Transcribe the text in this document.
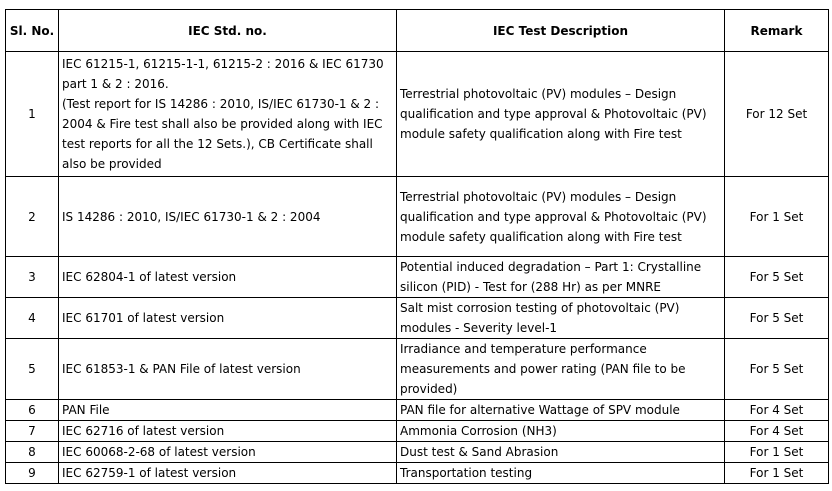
Sl. No.	IEC Std. no.	IEC Test Description	Remark
1	IEC 61215-1, 61215-1-1, 61215-2 : 2016 & IEC 61730 part 1 & 2 : 2016.
(Test report for IS 14286 : 2010, IS/IEC 61730-1 & 2 : 2004 & Fire test shall also be provided along with IEC test reports for all the 12 Sets.), CB Certificate shall also be provided	Terrestrial photovoltaic (PV) modules – Design qualification and type approval & Photovoltaic (PV) module safety qualification along with Fire test	For 12 Set
2	IS 14286 : 2010, IS/IEC 61730-1 & 2 : 2004	Terrestrial photovoltaic (PV) modules – Design qualification and type approval & Photovoltaic (PV) module safety qualification along with Fire test	For 1 Set
3	IEC 62804-1 of latest version	Potential induced degradation – Part 1: Crystalline silicon (PID) - Test for (288 Hr) as per MNRE	For 5 Set
4	IEC 61701 of latest version	Salt mist corrosion testing of photovoltaic (PV) modules - Severity level-1	For 5 Set
5	IEC 61853-1 & PAN File of latest version	Irradiance and temperature performance measurements and power rating (PAN file to be provided)	For 5 Set
6	PAN File	PAN file for alternative Wattage of SPV module	For 4 Set
7	IEC 62716 of latest version	Ammonia Corrosion (NH3)	For 4 Set
8	IEC 60068-2-68 of latest version	Dust test & Sand Abrasion	For 1 Set
9	IEC 62759-1 of latest version	Transportation testing	For 1 Set
